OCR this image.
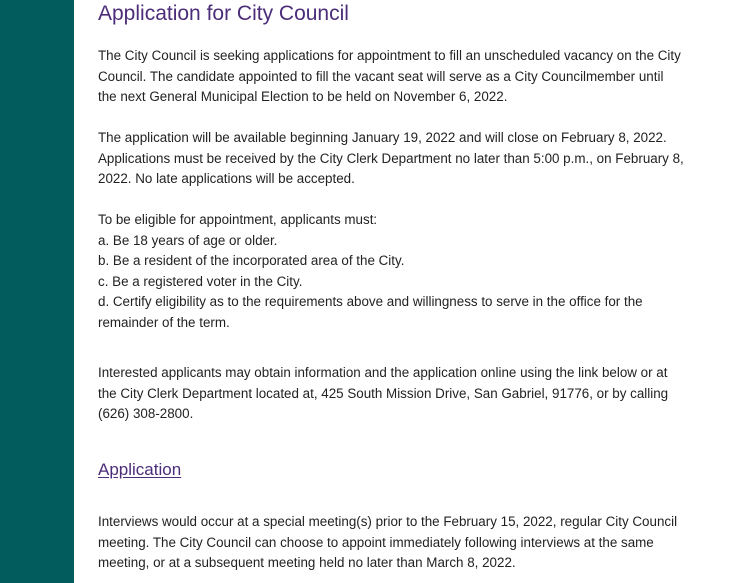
Application for City Council

The City Council is seeking applications for appointment to fill an unscheduled vacancy on the City
Council. The candidate appointed to fill the vacant seat will serve as a City Councilmember until
the next General Municipal Election to be held on November 6, 2022.

The application will be available beginning January 19, 2022 and will close on February 8, 2022.
Applications must be received by the City Clerk Department no later than 5:00 p.m., on February 8,
2022. No late applications will be accepted.

To be eligible for appointment, applicants must:
a. Be 18 years of age or older.
b. Be a resident of the incorporated area of the City.
c. Be a registered voter in the City.
d. Certify eligibility as to the requirements above and willingness to serve in the office for the
remainder of the term.

Interested applicants may obtain information and the application online using the link below or at
the City Clerk Department located at, 425 South Mission Drive, San Gabriel, 91776, or by calling
(626) 308-2800.

Application

Interviews would occur at a special meeting(s) prior to the February 15, 2022, regular City Council
meeting. The City Council can choose to appoint immediately following interviews at the same
meeting, or at a subsequent meeting held no later than March 8, 2022.
